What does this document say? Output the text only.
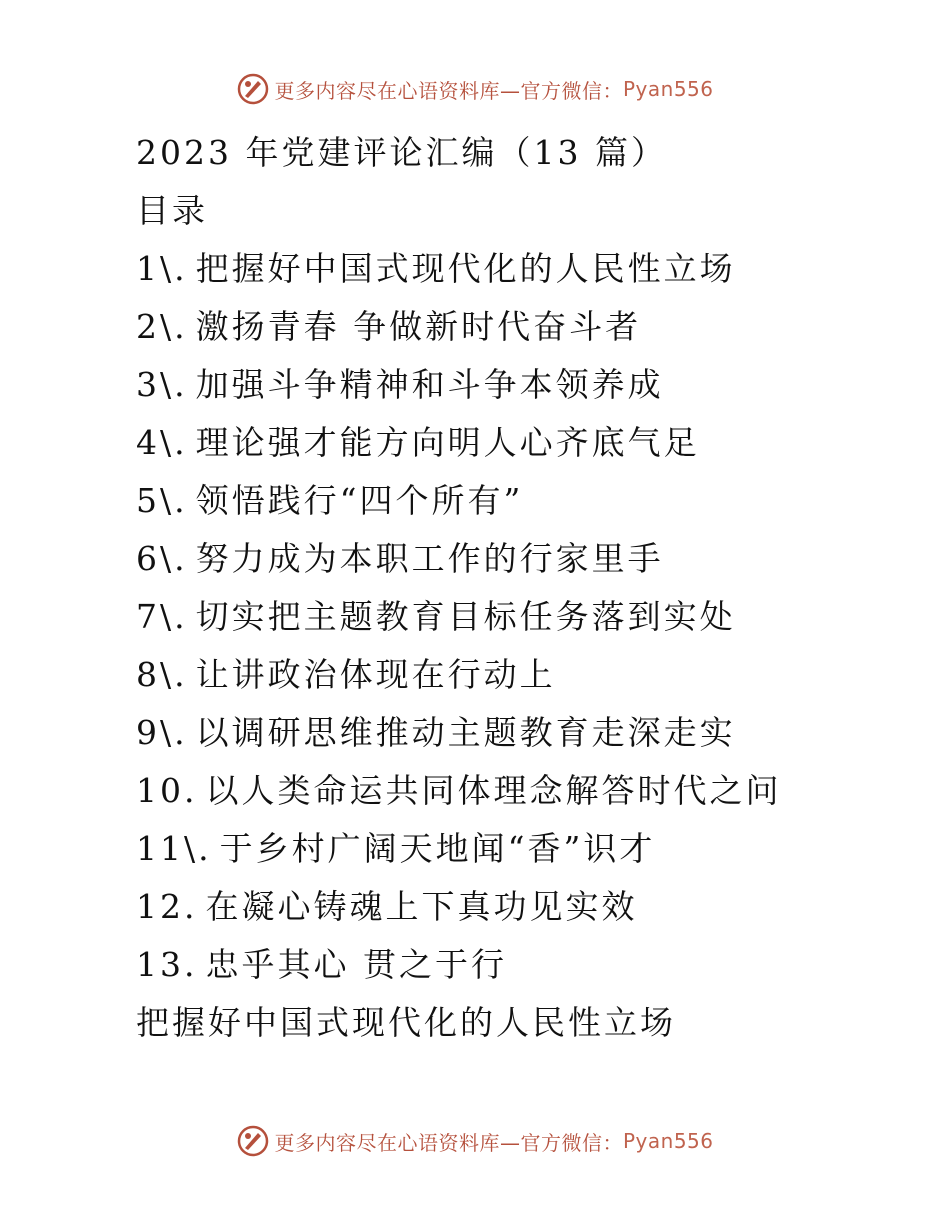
更多内容尽在心语资料库—官方微信： Pyan556
2023 年党建评论汇编（13 篇）
目录
1\. 把握好中国式现代化的人民性立场
2\. 激扬青春 争做新时代奋斗者
3\. 加强斗争精神和斗争本领养成
4\. 理论强才能方向明人心齐底气足
5\. 领悟践行“四个所有”
6\. 努力成为本职工作的行家里手
7\. 切实把主题教育目标任务落到实处
8\. 让讲政治体现在行动上
9\. 以调研思维推动主题教育走深走实
10. 以人类命运共同体理念解答时代之问
11\. 于乡村广阔天地闻“香”识才
12. 在凝心铸魂上下真功见实效
13. 忠乎其心 贯之于行
把握好中国式现代化的人民性立场
更多内容尽在心语资料库—官方微信： Pyan556
